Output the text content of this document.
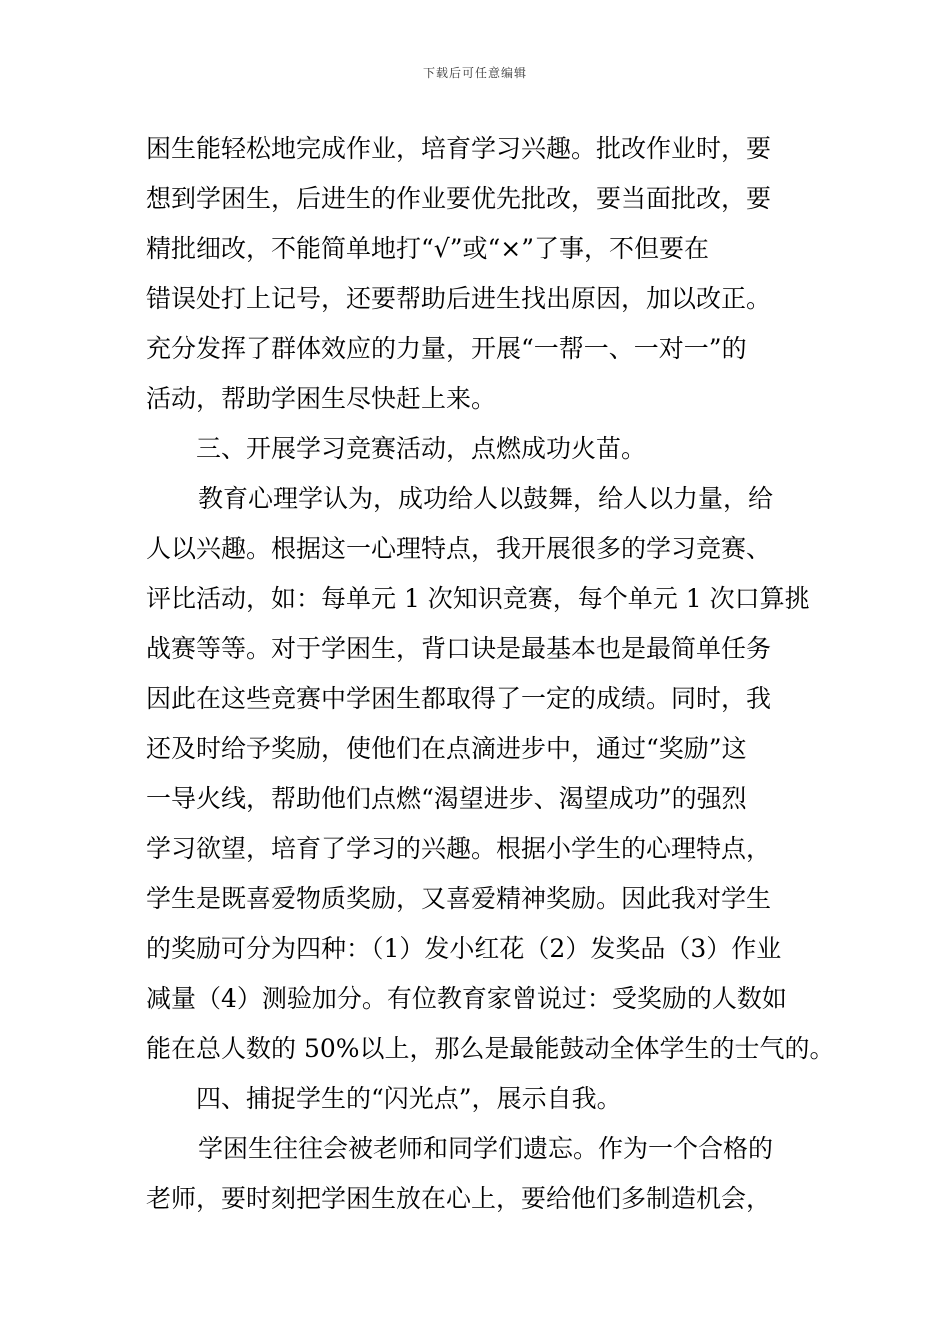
下载后可任意编辑
困生能轻松地完成作业，培育学习兴趣。批改作业时，要
想到学困生，后进生的作业要优先批改，要当面批改，要
精批细改，不能简单地打“√”或“×”了事，不但要在
错误处打上记号，还要帮助后进生找出原因，加以改正。
充分发挥了群体效应的力量，开展“一帮一、一对一”的
活动，帮助学困生尽快赶上来。
三、开展学习竞赛活动，点燃成功火苗。
教育心理学认为，成功给人以鼓舞，给人以力量，给
人以兴趣。根据这一心理特点，我开展很多的学习竞赛、
评比活动，如：每单元 1 次知识竞赛，每个单元 1 次口算挑
战赛等等。对于学困生，背口诀是最基本也是最简单任务
因此在这些竞赛中学困生都取得了一定的成绩。同时，我
还及时给予奖励，使他们在点滴进步中，通过“奖励”这
一导火线，帮助他们点燃“渴望进步、渴望成功”的强烈
学习欲望，培育了学习的兴趣。根据小学生的心理特点，
学生是既喜爱物质奖励，又喜爱精神奖励。因此我对学生
的奖励可分为四种：（1）发小红花（2）发奖品（3）作业
减量（4）测验加分。有位教育家曾说过：受奖励的人数如
能在总人数的 50%以上，那么是最能鼓动全体学生的士气的。
四、捕捉学生的“闪光点”，展示自我。
学困生往往会被老师和同学们遗忘。作为一个合格的
老师，要时刻把学困生放在心上，要给他们多制造机会，
